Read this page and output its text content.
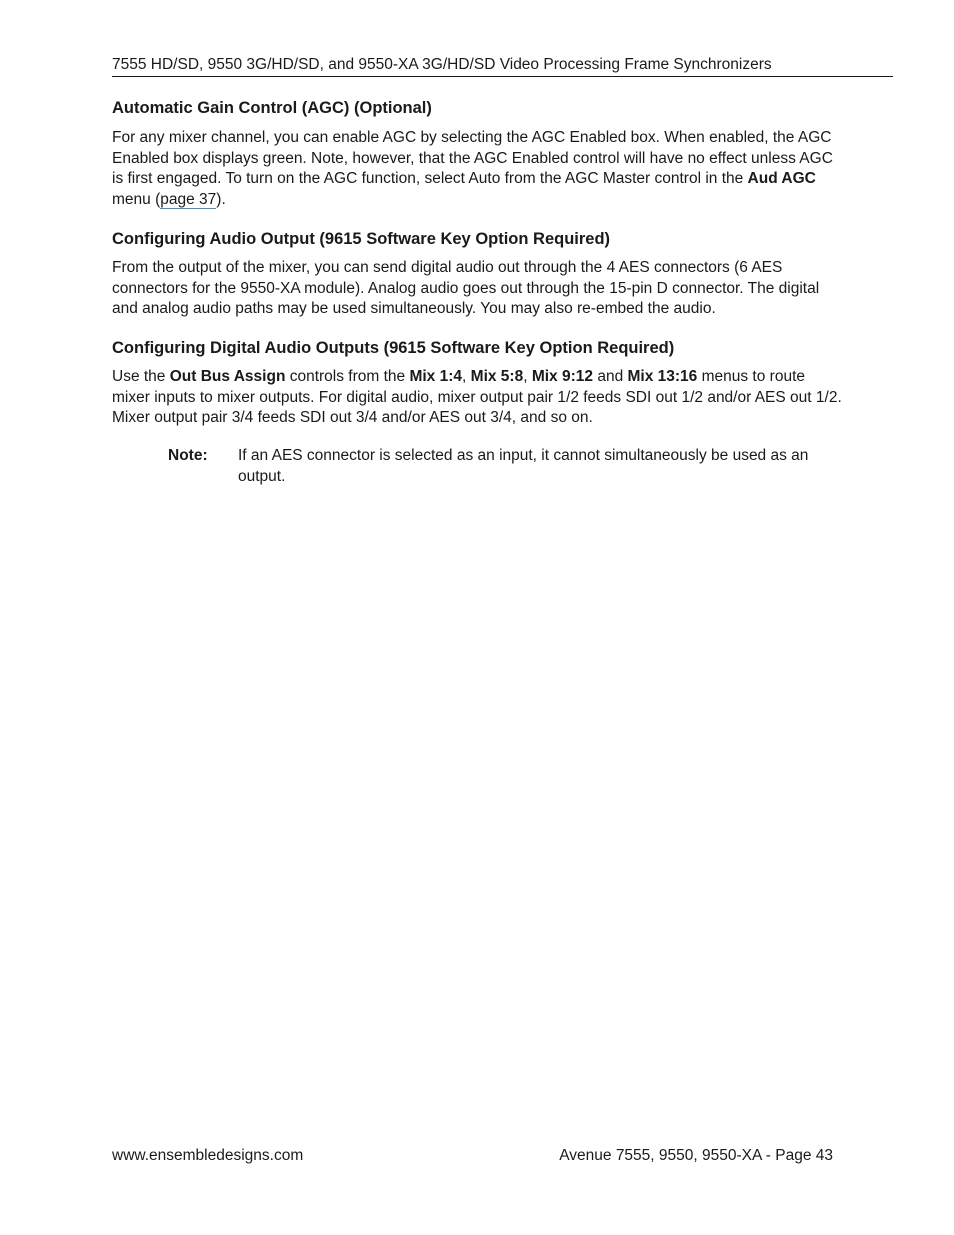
7555 HD/SD, 9550 3G/HD/SD, and 9550-XA 3G/HD/SD Video Processing Frame Synchronizers
Automatic Gain Control (AGC) (Optional)

For any mixer channel, you can enable AGC by selecting the AGC Enabled box. When enabled, the AGC Enabled box displays green. Note, however, that the AGC Enabled control will have no effect unless AGC is first engaged. To turn on the AGC function, select Auto from the AGC Master control in the Aud AGC menu (page 37).

Configuring Audio Output (9615 Software Key Option Required)

From the output of the mixer, you can send digital audio out through the 4 AES connectors (6 AES connectors for the 9550-XA module). Analog audio goes out through the 15-pin D connector. The digital and analog audio paths may be used simultaneously. You may also re-embed the audio.

Configuring Digital Audio Outputs (9615 Software Key Option Required)

Use the Out Bus Assign controls from the Mix 1:4, Mix 5:8, Mix 9:12 and Mix 13:16 menus to route mixer inputs to mixer outputs. For digital audio, mixer output pair 1/2 feeds SDI out 1/2 and/or AES out 1/2. Mixer output pair 3/4 feeds SDI out 3/4 and/or AES out 3/4, and so on.

Note:	If an AES connector is selected as an input, it cannot simultaneously be used as an output.
www.ensembledesigns.com	Avenue 7555, 9550, 9550-XA - Page 43
